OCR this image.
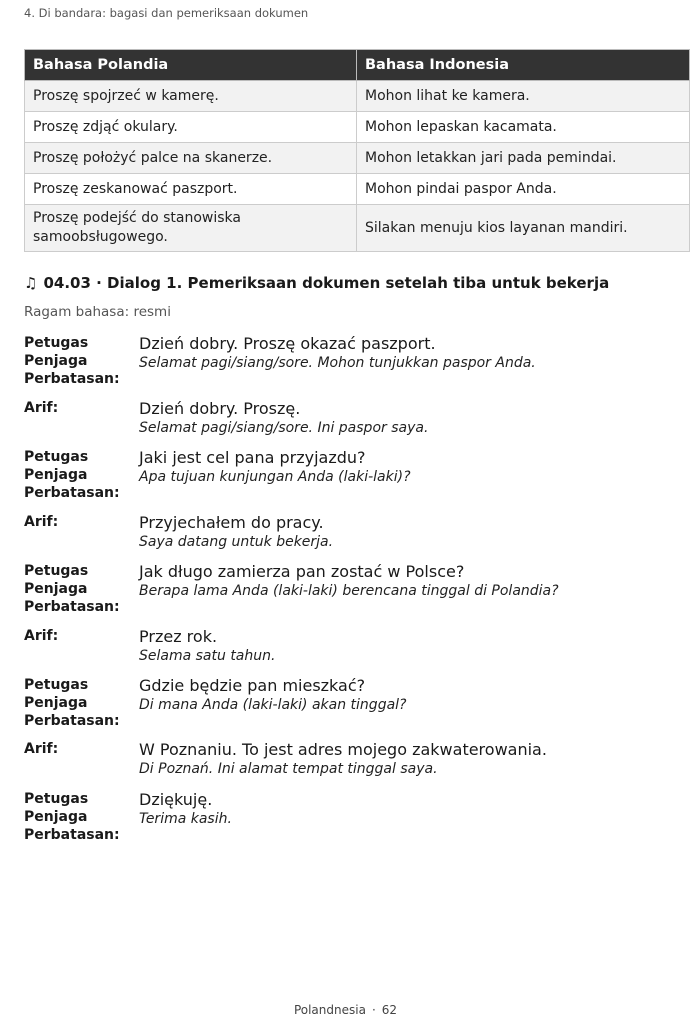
4. Di bandara: bagasi dan pemeriksaan dokumen
Bahasa Polandia	Bahasa Indonesia
Proszę spojrzeć w kamerę.	Mohon lihat ke kamera.
Proszę zdjąć okulary.	Mohon lepaskan kacamata.
Proszę położyć palce na skanerze.	Mohon letakkan jari pada pemindai.
Proszę zeskanować paszport.	Mohon pindai paspor Anda.
Proszę podejść do stanowiska samoobsługowego.	Silakan menuju kios layanan mandiri.
♫ 04.03 · Dialog 1. Pemeriksaan dokumen setelah tiba untuk bekerja
Ragam bahasa: resmi
Petugas Penjaga Perbatasan:
Dzień dobry. Proszę okazać paszport.
Selamat pagi/siang/sore. Mohon tunjukkan paspor Anda.
Arif:	Dzień dobry. Proszę.
Selamat pagi/siang/sore. Ini paspor saya.
Petugas Penjaga Perbatasan:
Jaki jest cel pana przyjazdu?
Apa tujuan kunjungan Anda (laki-laki)?
Arif:	Przyjechałem do pracy.
Saya datang untuk bekerja.
Petugas Penjaga Perbatasan:
Jak długo zamierza pan zostać w Polsce?
Berapa lama Anda (laki-laki) berencana tinggal di Polandia?
Arif:	Przez rok.
Selama satu tahun.
Petugas Penjaga Perbatasan:
Gdzie będzie pan mieszkać?
Di mana Anda (laki-laki) akan tinggal?
Arif:	W Poznaniu. To jest adres mojego zakwaterowania.
Di Poznań. Ini alamat tempat tinggal saya.
Petugas Penjaga Perbatasan:
Dziękuję.
Terima kasih.
Polandnesia · 62
